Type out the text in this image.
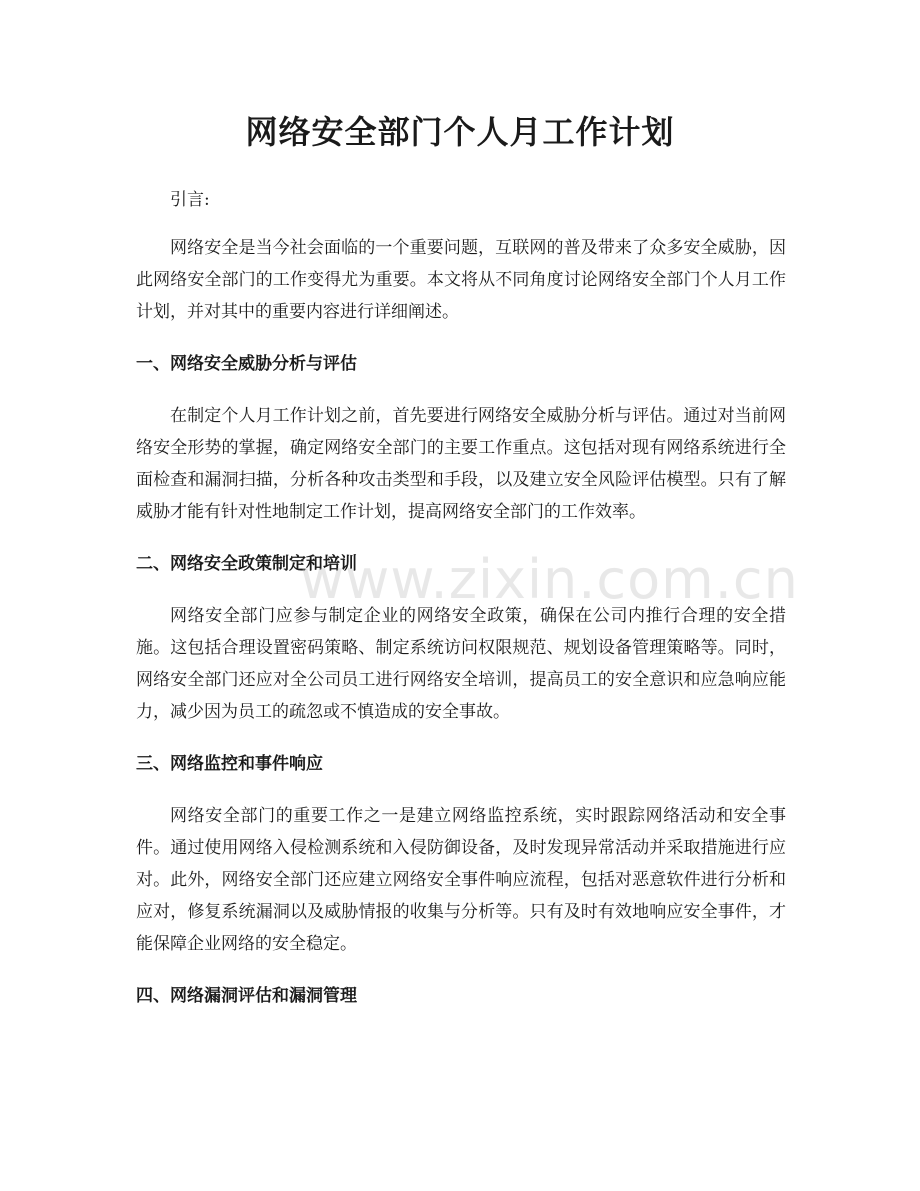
网络安全部门个人月工作计划

引言:

网络安全是当今社会面临的一个重要问题，互联网的普及带来了众多安全威胁，因此网络安全部门的工作变得尤为重要。本文将从不同角度讨论网络安全部门个人月工作计划，并对其中的重要内容进行详细阐述。

一、网络安全威胁分析与评估

在制定个人月工作计划之前，首先要进行网络安全威胁分析与评估。通过对当前网络安全形势的掌握，确定网络安全部门的主要工作重点。这包括对现有网络系统进行全面检查和漏洞扫描，分析各种攻击类型和手段，以及建立安全风险评估模型。只有了解威胁才能有针对性地制定工作计划，提高网络安全部门的工作效率。

二、网络安全政策制定和培训

网络安全部门应参与制定企业的网络安全政策，确保在公司内推行合理的安全措施。这包括合理设置密码策略、制定系统访问权限规范、规划设备管理策略等。同时，网络安全部门还应对全公司员工进行网络安全培训，提高员工的安全意识和应急响应能力，减少因为员工的疏忽或不慎造成的安全事故。

三、网络监控和事件响应

网络安全部门的重要工作之一是建立网络监控系统，实时跟踪网络活动和安全事件。通过使用网络入侵检测系统和入侵防御设备，及时发现异常活动并采取措施进行应对。此外，网络安全部门还应建立网络安全事件响应流程，包括对恶意软件进行分析和应对，修复系统漏洞以及威胁情报的收集与分析等。只有及时有效地响应安全事件，才能保障企业网络的安全稳定。

四、网络漏洞评估和漏洞管理
www.zixin.com.cn
